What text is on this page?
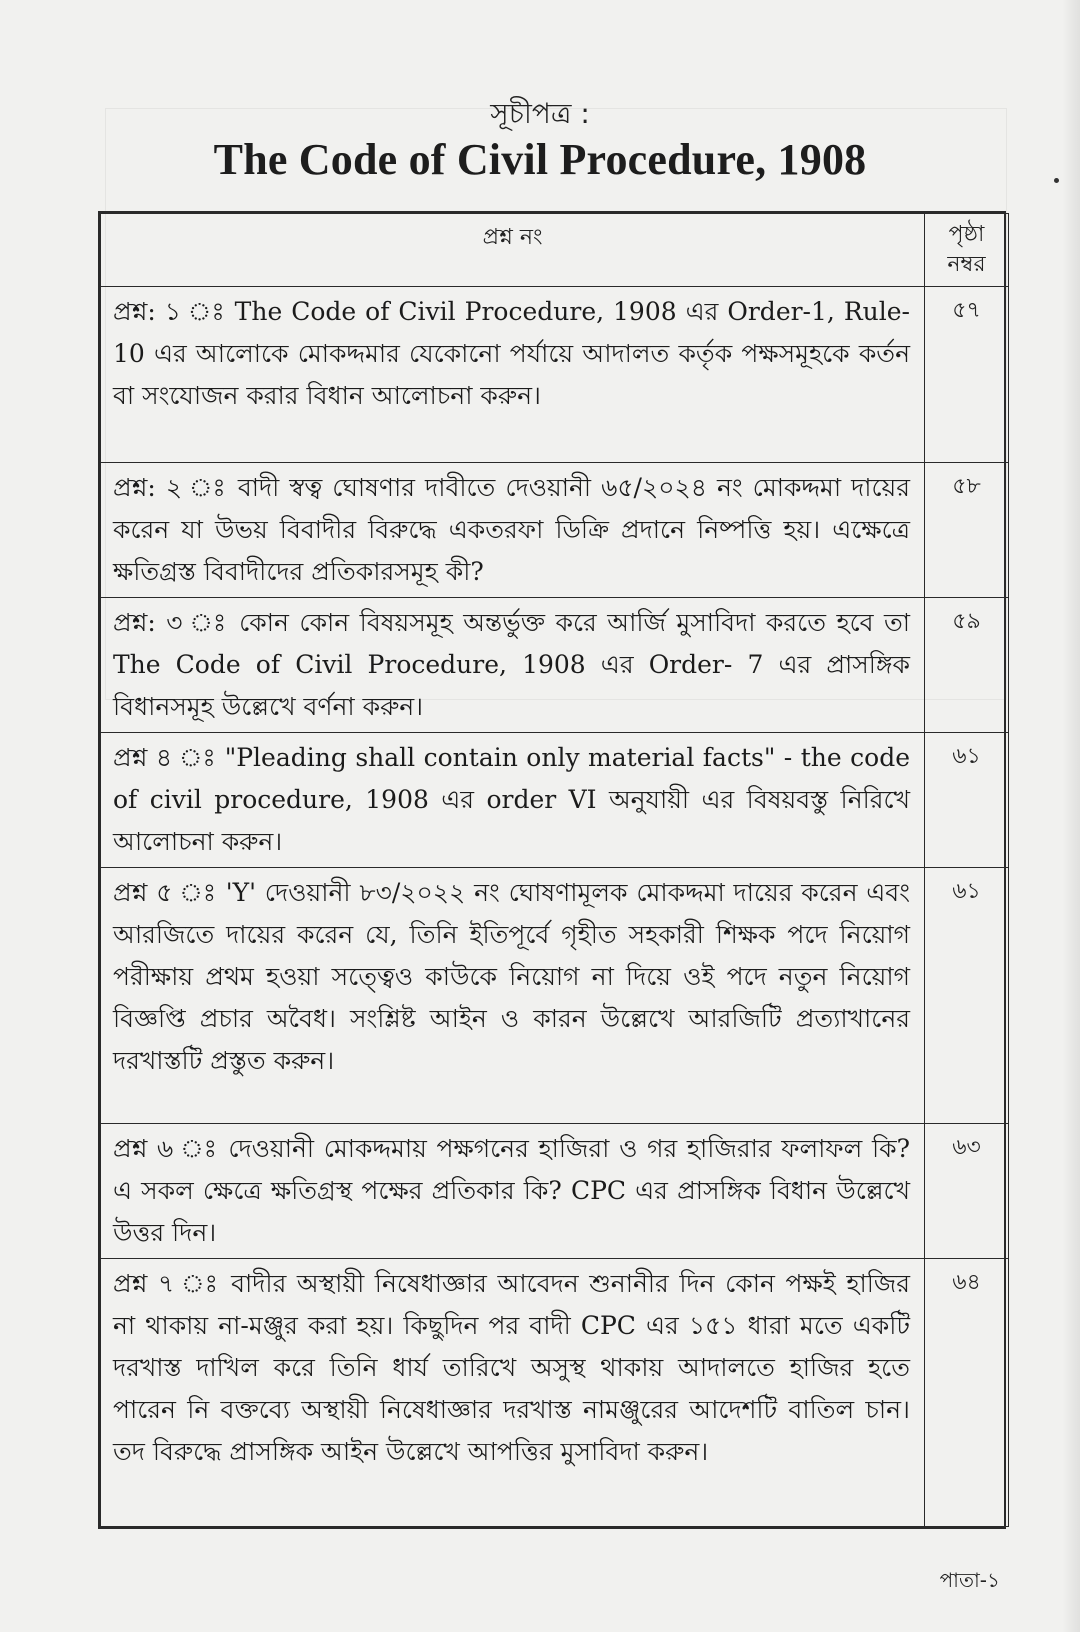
সূচীপত্র :
The Code of Civil Procedure, 1908
প্রশ্ন নং	পৃষ্ঠা নম্বর
প্রশ্ন: ১ ঃ The Code of Civil Procedure, 1908 এর Order-1, Rule-10 এর আলোকে মোকদ্দমার যেকোনো পর্যায়ে আদালত কর্তৃক পক্ষসমূহকে কর্তন বা সংযোজন করার বিধান আলোচনা করুন।	৫৭
প্রশ্ন: ২ ঃ বাদী স্বত্ব ঘোষণার দাবীতে দেওয়ানী ৬৫/২০২৪ নং মোকদ্দমা দায়ের করেন যা উভয় বিবাদীর বিরুদ্ধে একতরফা ডিক্রি প্রদানে নিষ্পত্তি হয়। এক্ষেত্রে ক্ষতিগ্রস্ত বিবাদীদের প্রতিকারসমূহ কী?	৫৮
প্রশ্ন: ৩ ঃ কোন কোন বিষয়সমূহ অন্তর্ভুক্ত করে আর্জি মুসাবিদা করতে হবে তা The Code of Civil Procedure, 1908 এর Order- 7 এর প্রাসঙ্গিক বিধানসমূহ উল্লেখে বর্ণনা করুন।	৫৯
প্রশ্ন ৪ ঃ "Pleading shall contain only material facts" - the code of civil procedure, 1908 এর order VI অনুযায়ী এর বিষয়বস্তু নিরিখে আলোচনা করুন।	৬১
প্রশ্ন ৫ ঃ 'Y' দেওয়ানী ৮৩/২০২২ নং ঘোষণামূলক মোকদ্দমা দায়ের করেন এবং আরজিতে দায়ের করেন যে, তিনি ইতিপূর্বে গৃহীত সহকারী শিক্ষক পদে নিয়োগ পরীক্ষায় প্রথম হওয়া সত্ত্বেও কাউকে নিয়োগ না দিয়ে ওই পদে নতুন নিয়োগ বিজ্ঞপ্তি প্রচার অবৈধ। সংশ্লিষ্ট আইন ও কারন উল্লেখে আরজিটি প্রত্যাখানের দরখাস্তটি প্রস্তুত করুন।	৬১
প্রশ্ন ৬ ঃ দেওয়ানী মোকদ্দমায় পক্ষগনের হাজিরা ও গর হাজিরার ফলাফল কি? এ সকল ক্ষেত্রে ক্ষতিগ্রস্থ পক্ষের প্রতিকার কি? CPC এর প্রাসঙ্গিক বিধান উল্লেখে উত্তর দিন।	৬৩
প্রশ্ন ৭ ঃ বাদীর অস্থায়ী নিষেধাজ্ঞার আবেদন শুনানীর দিন কোন পক্ষই হাজির না থাকায় না-মঞ্জুর করা হয়। কিছুদিন পর বাদী CPC এর ১৫১ ধারা মতে একটি দরখাস্ত দাখিল করে তিনি ধার্য তারিখে অসুস্থ থাকায় আদালতে হাজির হতে পারেন নি বক্তব্যে অস্থায়ী নিষেধাজ্ঞার দরখাস্ত নামঞ্জুরের আদেশটি বাতিল চান। তদ বিরুদ্ধে প্রাসঙ্গিক আইন উল্লেখে আপত্তির মুসাবিদা করুন।	৬৪
পাতা-১
